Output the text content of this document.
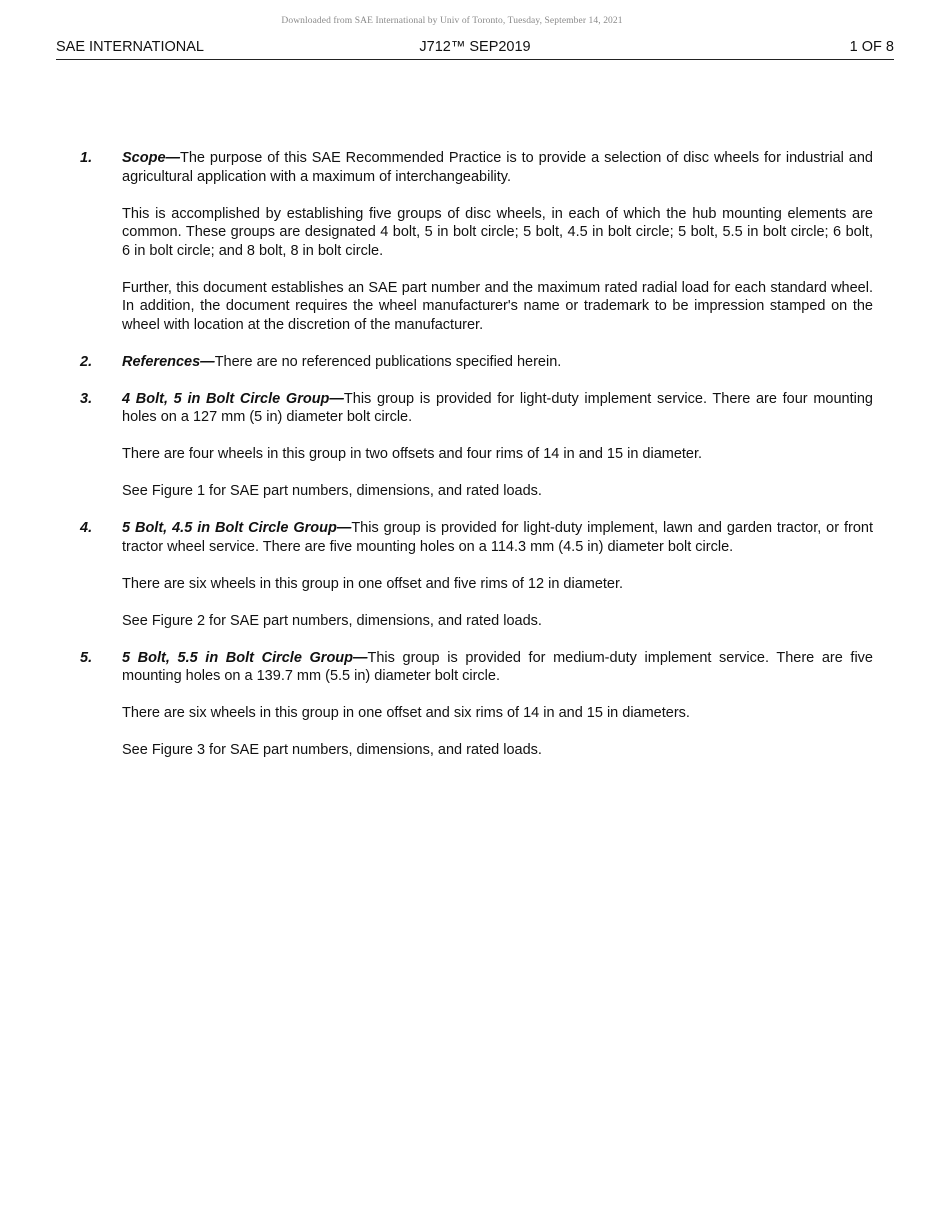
Downloaded from SAE International by Univ of Toronto, Tuesday, September 14, 2021
SAE INTERNATIONAL	J712™ SEP2019	1 OF 8
1. Scope—The purpose of this SAE Recommended Practice is to provide a selection of disc wheels for industrial and agricultural application with a maximum of interchangeability.

This is accomplished by establishing five groups of disc wheels, in each of which the hub mounting elements are common. These groups are designated 4 bolt, 5 in bolt circle; 5 bolt, 4.5 in bolt circle; 5 bolt, 5.5 in bolt circle; 6 bolt, 6 in bolt circle; and 8 bolt, 8 in bolt circle.

Further, this document establishes an SAE part number and the maximum rated radial load for each standard wheel. In addition, the document requires the wheel manufacturer's name or trademark to be impression stamped on the wheel with location at the discretion of the manufacturer.

2. References—There are no referenced publications specified herein.

3. 4 Bolt, 5 in Bolt Circle Group—This group is provided for light-duty implement service. There are four mounting holes on a 127 mm (5 in) diameter bolt circle.

There are four wheels in this group in two offsets and four rims of 14 in and 15 in diameter.

See Figure 1 for SAE part numbers, dimensions, and rated loads.

4. 5 Bolt, 4.5 in Bolt Circle Group—This group is provided for light-duty implement, lawn and garden tractor, or front tractor wheel service. There are five mounting holes on a 114.3 mm (4.5 in) diameter bolt circle.

There are six wheels in this group in one offset and five rims of 12 in diameter.

See Figure 2 for SAE part numbers, dimensions, and rated loads.

5. 5 Bolt, 5.5 in Bolt Circle Group—This group is provided for medium-duty implement service. There are five mounting holes on a 139.7 mm (5.5 in) diameter bolt circle.

There are six wheels in this group in one offset and six rims of 14 in and 15 in diameters.

See Figure 3 for SAE part numbers, dimensions, and rated loads.
